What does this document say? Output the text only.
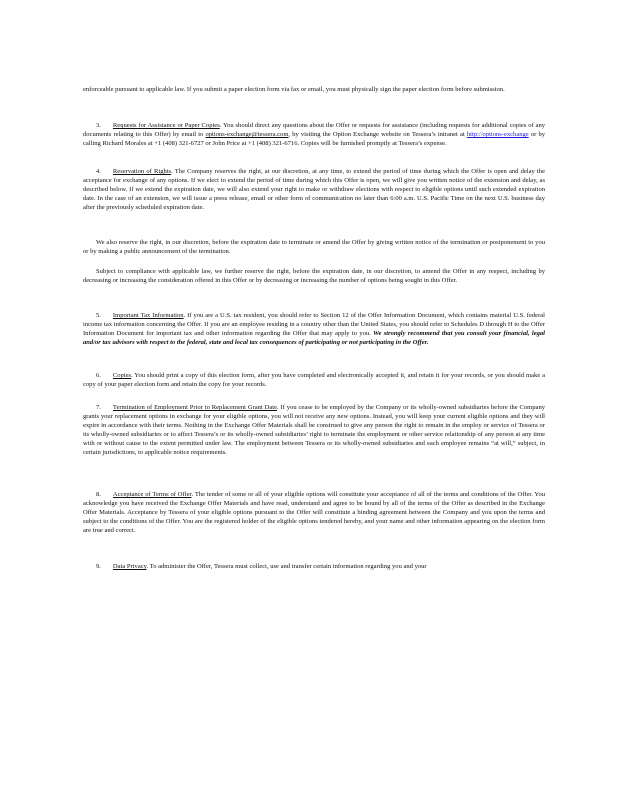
enforceable pursuant to applicable law. If you submit a paper election form via fax or email, you must physically sign the paper election form before submission.

3. Requests for Assistance or Paper Copies. You should direct any questions about the Offer or requests for assistance (including requests for additional copies of any documents relating to this Offer) by email to options-exchange@tessera.com, by visiting the Option Exchange website on Tessera’s intranet at http://options-exchange or by calling Richard Morales at +1 (408) 321-6727 or John Price at +1 (408) 321-6716. Copies will be furnished promptly at Tessera’s expense.

4. Reservation of Rights. The Company reserves the right, at our discretion, at any time, to extend the period of time during which the Offer is open and delay the acceptance for exchange of any options. If we elect to extend the period of time during which this Offer is open, we will give you written notice of the extension and delay, as described below. If we extend the expiration date, we will also extend your right to make or withdraw elections with respect to eligible options until such extended expiration date. In the case of an extension, we will issue a press release, email or other form of communication no later than 6:00 a.m. U.S. Pacific Time on the next U.S. business day after the previously scheduled expiration date.

We also reserve the right, in our discretion, before the expiration date to terminate or amend the Offer by giving written notice of the termination or postponement to you or by making a public announcement of the termination.

Subject to compliance with applicable law, we further reserve the right, before the expiration date, in our discretion, to amend the Offer in any respect, including by decreasing or increasing the consideration offered in this Offer or by decreasing or increasing the number of options being sought in this Offer.

5. Important Tax Information. If you are a U.S. tax resident, you should refer to Section 12 of the Offer Information Document, which contains material U.S. federal income tax information concerning the Offer. If you are an employee residing in a country other than the United States, you should refer to Schedules D through H to the Offer Information Document for important tax and other information regarding the Offer that may apply to you. We strongly recommend that you consult your financial, legal and/or tax advisors with respect to the federal, state and local tax consequences of participating or not participating in the Offer.

6. Copies. You should print a copy of this election form, after you have completed and electronically accepted it, and retain it for your records, or you should make a copy of your paper election form and retain the copy for your records.

7. Termination of Employment Prior to Replacement Grant Date. If you cease to be employed by the Company or its wholly-owned subsidiaries before the Company grants your replacement options in exchange for your eligible options, you will not receive any new options. Instead, you will keep your current eligible options and they will expire in accordance with their terms. Nothing in the Exchange Offer Materials shall be construed to give any person the right to remain in the employ or service of Tessera or its wholly-owned subsidiaries or to affect Tessera’s or its wholly-owned subsidiaries’ right to terminate the employment or other service relationship of any person at any time with or without cause to the extent permitted under law. The employment between Tessera or its wholly-owned subsidiaries and each employee remains “at will,” subject, in certain jurisdictions, to applicable notice requirements.

8. Acceptance of Terms of Offer. The tender of some or all of your eligible options will constitute your acceptance of all of the terms and conditions of the Offer. You acknowledge you have received the Exchange Offer Materials and have read, understand and agree to be bound by all of the terms of the Offer as described in the Exchange Offer Materials. Acceptance by Tessera of your eligible options pursuant to the Offer will constitute a binding agreement between the Company and you upon the terms and subject to the conditions of the Offer. You are the registered holder of the eligible options tendered hereby, and your name and other information appearing on the election form are true and correct.

9. Data Privacy. To administer the Offer, Tessera must collect, use and transfer certain information regarding you and your
